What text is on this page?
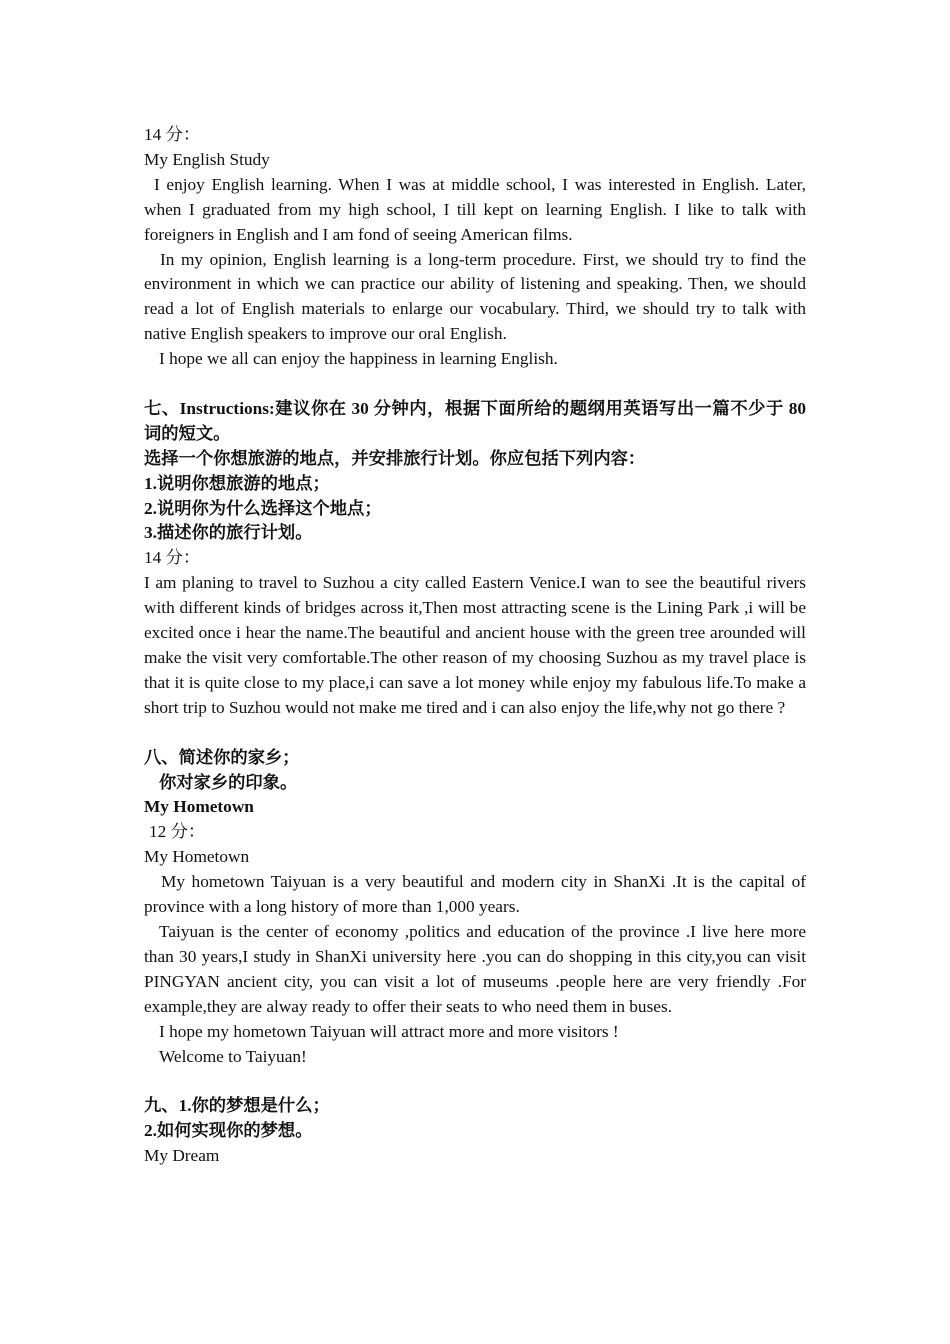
14 分：

My English Study

I enjoy English learning. When I was at middle school, I was interested in English. Later, when I graduated from my high school, I till kept on learning English. I like to talk with foreigners in English and I am fond of seeing American films.

In my opinion, English learning is a long-term procedure. First, we should try to find the environment in which we can practice our ability of listening and speaking. Then, we should read a lot of English materials to enlarge our vocabulary. Third, we should try to talk with native English speakers to improve our oral English.

I hope we all can enjoy the happiness in learning English.

七、Instructions:建议你在 30 分钟内，根据下面所给的题纲用英语写出一篇不少于 80 词的短文。

选择一个你想旅游的地点，并安排旅行计划。你应包括下列内容：

1.说明你想旅游的地点；

2.说明你为什么选择这个地点；

3.描述你的旅行计划。

14 分：

I am planing to travel to Suzhou a city called Eastern Venice.I wan to see the beautiful rivers with different kinds of bridges across it,Then most attracting scene is the Lining Park ,i will be excited once i hear the name.The beautiful and ancient house with the green tree arounded will make the visit very comfortable.The other reason of my choosing Suzhou as my travel place is that it is quite close to my place,i can save a lot money while enjoy my fabulous life.To make a short trip to Suzhou would not make me tired and i can also enjoy the life,why not go there ?

八、简述你的家乡；

你对家乡的印象。

My Hometown

12 分：

My Hometown

My hometown Taiyuan is a very beautiful and modern city in ShanXi .It is the capital of province with a long history of more than 1,000 years.

Taiyuan is the center of economy ,politics and education of the province .I live here more than 30 years,I study in ShanXi university here .you can do shopping in this city,you can visit PINGYAN ancient city, you can visit a lot of museums .people here are very friendly .For example,they are alway ready to offer their seats to who need them in buses.

I hope my hometown Taiyuan will attract more and more visitors !

Welcome to Taiyuan!

九、1.你的梦想是什么；

2.如何实现你的梦想。

My Dream
